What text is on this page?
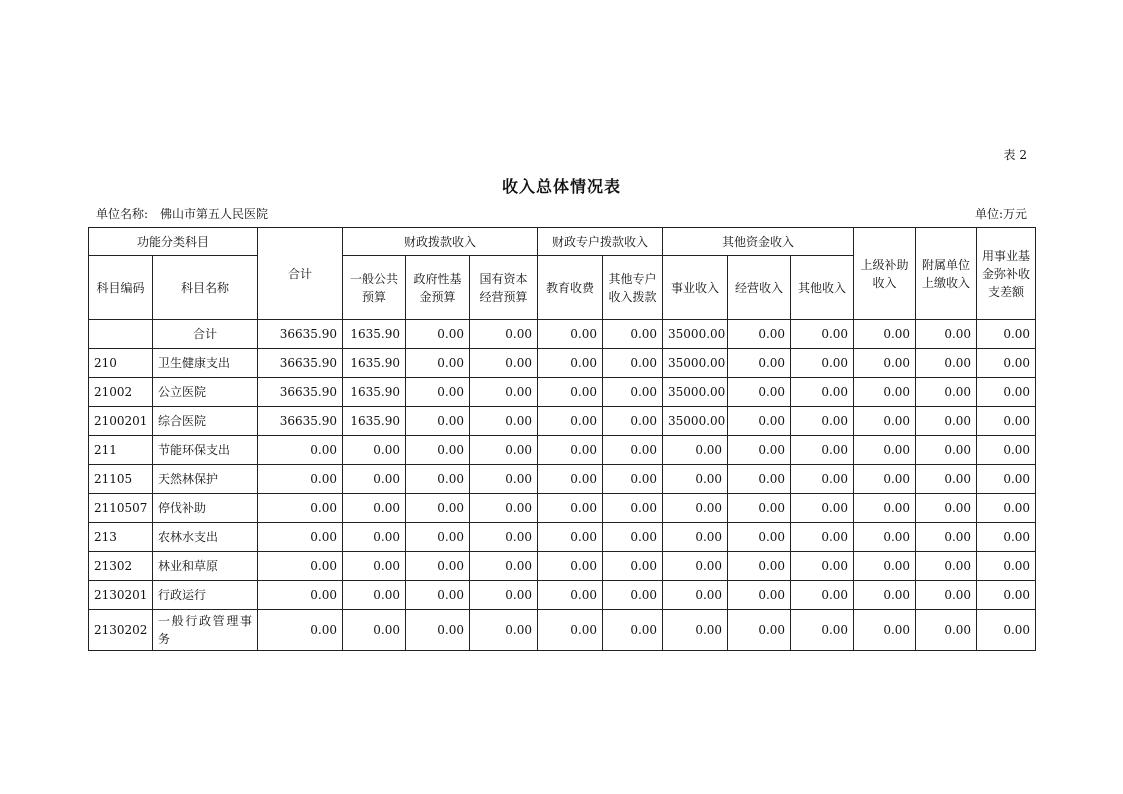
表 2
收入总体情况表
单位名称: 佛山市第五人民医院	单位:万元
功能分类科目		合计	财政拨款收入			财政专户拨款收入		其他资金收入			上级补助收入	附属单位上缴收入	用事业基金弥补收支差额
科目编码	科目名称		一般公共预算	政府性基金预算	国有资本经营预算	教育收费	其他专户收入拨款	事业收入	经营收入	其他收入			
	合计	36635.90	1635.90	0.00	0.00	0.00	0.00	35000.00	0.00	0.00	0.00	0.00	0.00
210	卫生健康支出	36635.90	1635.90	0.00	0.00	0.00	0.00	35000.00	0.00	0.00	0.00	0.00	0.00
21002	公立医院	36635.90	1635.90	0.00	0.00	0.00	0.00	35000.00	0.00	0.00	0.00	0.00	0.00
2100201	综合医院	36635.90	1635.90	0.00	0.00	0.00	0.00	35000.00	0.00	0.00	0.00	0.00	0.00
211	节能环保支出	0.00	0.00	0.00	0.00	0.00	0.00	0.00	0.00	0.00	0.00	0.00	0.00
21105	天然林保护	0.00	0.00	0.00	0.00	0.00	0.00	0.00	0.00	0.00	0.00	0.00	0.00
2110507	停伐补助	0.00	0.00	0.00	0.00	0.00	0.00	0.00	0.00	0.00	0.00	0.00	0.00
213	农林水支出	0.00	0.00	0.00	0.00	0.00	0.00	0.00	0.00	0.00	0.00	0.00	0.00
21302	林业和草原	0.00	0.00	0.00	0.00	0.00	0.00	0.00	0.00	0.00	0.00	0.00	0.00
2130201	行政运行	0.00	0.00	0.00	0.00	0.00	0.00	0.00	0.00	0.00	0.00	0.00	0.00
2130202	一般行政管理事务	0.00	0.00	0.00	0.00	0.00	0.00	0.00	0.00	0.00	0.00	0.00	0.00
